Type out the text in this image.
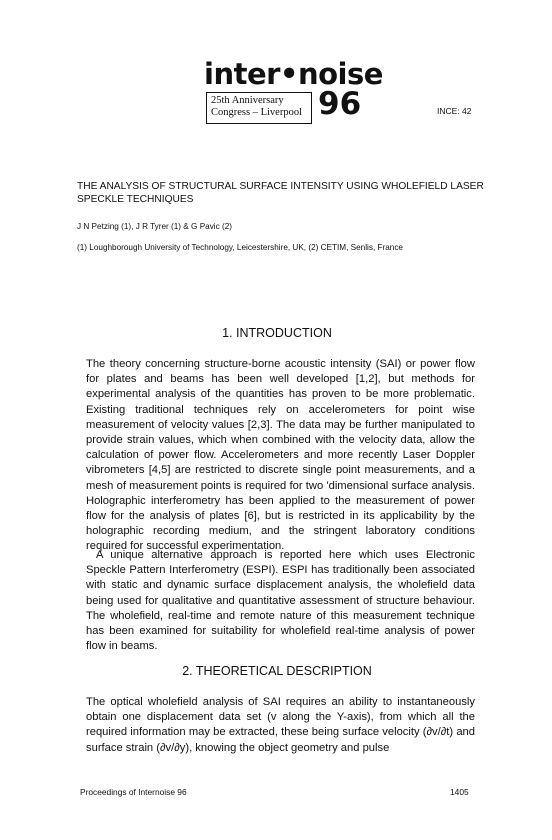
inter•noise
25th Anniversary
Congress – Liverpool 96	INCE: 42
THE ANALYSIS OF STRUCTURAL SURFACE INTENSITY USING WHOLEFIELD LASER SPECKLE TECHNIQUES
J N Petzing (1), J R Tyrer (1) & G Pavic (2)
(1) Loughborough University of Technology, Leicestershire, UK, (2) CETIM, Senlis, France
1. INTRODUCTION
The theory concerning structure-borne acoustic intensity (SAI) or power flow for plates and beams has been well developed [1,2], but methods for experimental analysis of the quantities has proven to be more problematic. Existing traditional techniques rely on accelerometers for point wise measurement of velocity values [2,3]. The data may be further manipulated to provide strain values, which when combined with the velocity data, allow the calculation of power flow. Accelerometers and more recently Laser Doppler vibrometers [4,5] are restricted to discrete single point measurements, and a mesh of measurement points is required for two 'dimensional surface analysis. Holographic interferometry has been applied to the measurement of power flow for the analysis of plates [6], but is restricted in its applicability by the holographic recording medium, and the stringent laboratory conditions required for successful experimentation.
A unique alternative approach is reported here which uses Electronic Speckle Pattern Interferometry (ESPI). ESPI has traditionally been associated with static and dynamic surface displacement analysis, the wholefield data being used for qualitative and quantitative assessment of structure behaviour. The wholefield, real-time and remote nature of this measurement technique has been examined for suitability for wholefield real-time analysis of power flow in beams.
2. THEORETICAL DESCRIPTION
The optical wholefield analysis of SAI requires an ability to instantaneously obtain one displacement data set (v along the Y-axis), from which all the required information may be extracted, these being surface velocity (∂v/∂t) and surface strain (∂v/∂y), knowing the object geometry and pulse
Proceedings of Internoise 96	1405
